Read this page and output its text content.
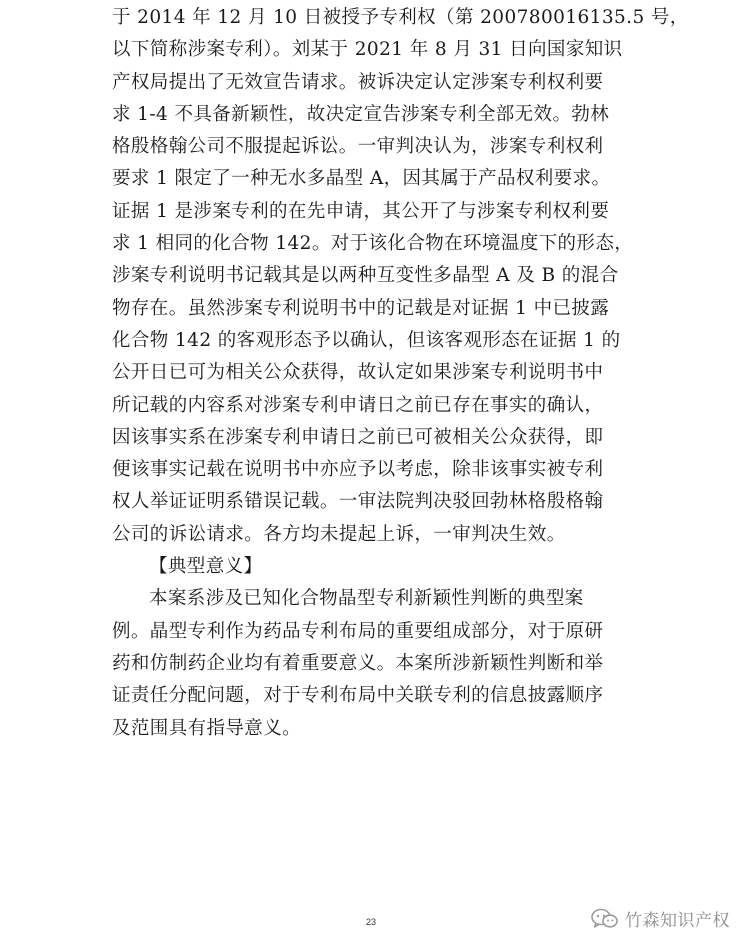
于 2014 年 12 月 10 日被授予专利权（第 200780016135.5 号，
以下简称涉案专利）。刘某于 2021 年 8 月 31 日向国家知识
产权局提出了无效宣告请求。被诉决定认定涉案专利权利要
求 1-4 不具备新颖性，故决定宣告涉案专利全部无效。勃林
格殷格翰公司不服提起诉讼。一审判决认为，涉案专利权利
要求 1 限定了一种无水多晶型 A，因其属于产品权利要求。
证据 1 是涉案专利的在先申请，其公开了与涉案专利权利要
求 1 相同的化合物 142。对于该化合物在环境温度下的形态，
涉案专利说明书记载其是以两种互变性多晶型 A 及 B 的混合
物存在。虽然涉案专利说明书中的记载是对证据 1 中已披露
化合物 142 的客观形态予以确认，但该客观形态在证据 1 的
公开日已可为相关公众获得，故认定如果涉案专利说明书中
所记载的内容系对涉案专利申请日之前已存在事实的确认，
因该事实系在涉案专利申请日之前已可被相关公众获得，即
便该事实记载在说明书中亦应予以考虑，除非该事实被专利
权人举证证明系错误记载。一审法院判决驳回勃林格殷格翰
公司的诉讼请求。各方均未提起上诉，一审判决生效。
【典型意义】
本案系涉及已知化合物晶型专利新颖性判断的典型案
例。晶型专利作为药品专利布局的重要组成部分，对于原研
药和仿制药企业均有着重要意义。本案所涉新颖性判断和举
证责任分配问题，对于专利布局中关联专利的信息披露顺序
及范围具有指导意义。
23	竹森知识产权
